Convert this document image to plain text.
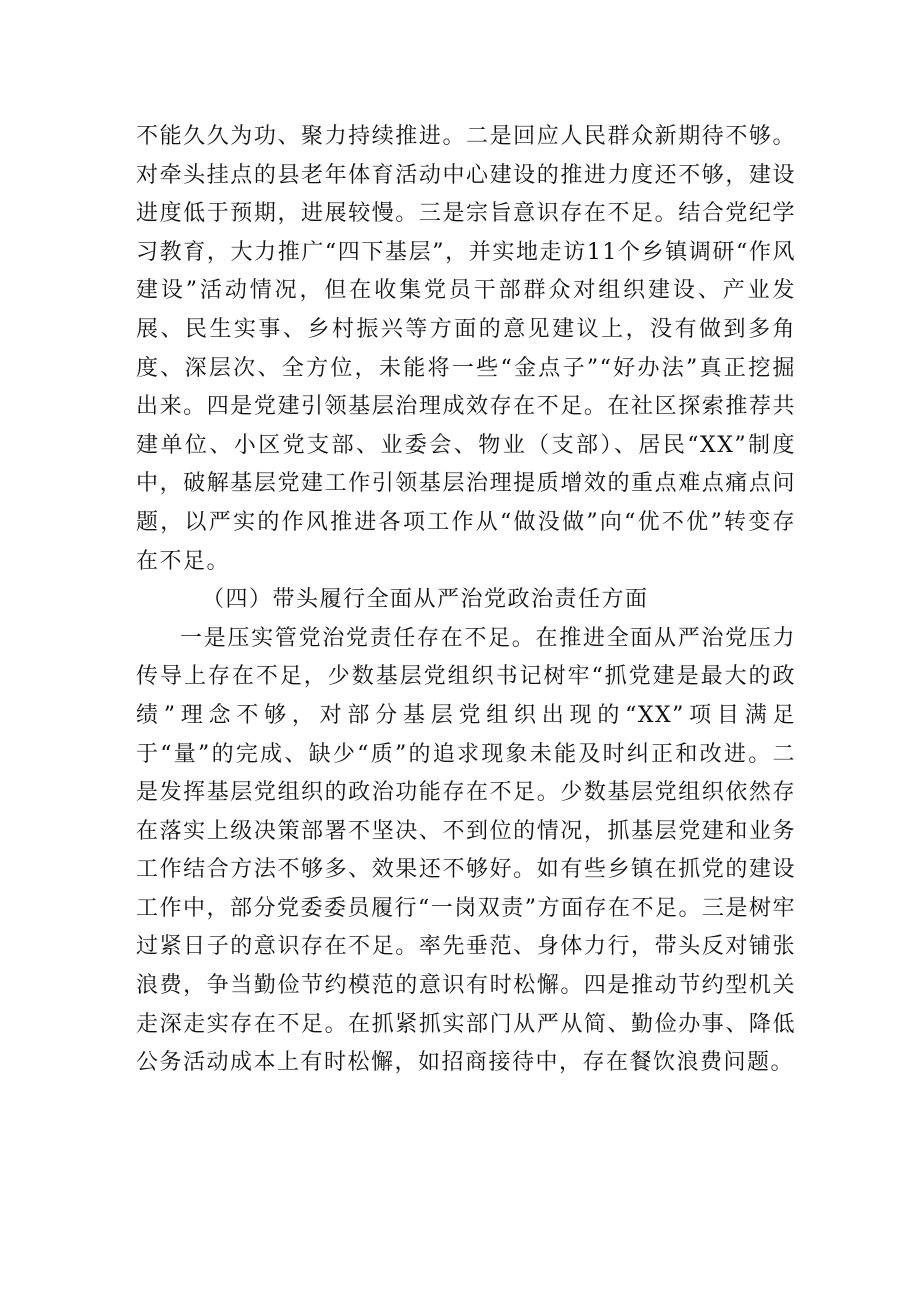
不能久久为功、聚力持续推进。二是回应人民群众新期待不够。对牵头挂点的县老年体育活动中心建设的推进力度还不够，建设进度低于预期，进展较慢。三是宗旨意识存在不足。结合党纪学习教育，大力推广“四下基层”，并实地走访11个乡镇调研“作风建设”活动情况，但在收集党员干部群众对组织建设、产业发展、民生实事、乡村振兴等方面的意见建议上，没有做到多角度、深层次、全方位，未能将一些“金点子”“好办法”真正挖掘出来。四是党建引领基层治理成效存在不足。在社区探索推荐共建单位、小区党支部、业委会、物业（支部）、居民“XX”制度中，破解基层党建工作引领基层治理提质增效的重点难点痛点问题，以严实的作风推进各项工作从“做没做”向“优不优”转变存在不足。

（四）带头履行全面从严治党政治责任方面

一是压实管党治党责任存在不足。在推进全面从严治党压力传导上存在不足，少数基层党组织书记树牢“抓党建是最大的政绩”理念不够，对部分基层党组织出现的“XX”项目满足于“量”的完成、缺少“质”的追求现象未能及时纠正和改进。二是发挥基层党组织的政治功能存在不足。少数基层党组织依然存在落实上级决策部署不坚决、不到位的情况，抓基层党建和业务工作结合方法不够多、效果还不够好。如有些乡镇在抓党的建设工作中，部分党委委员履行“一岗双责”方面存在不足。三是树牢过紧日子的意识存在不足。率先垂范、身体力行，带头反对铺张浪费，争当勤俭节约模范的意识有时松懈。四是推动节约型机关走深走实存在不足。在抓紧抓实部门从严从简、勤俭办事、降低公务活动成本上有时松懈，如招商接待中，存在餐饮浪费问题。
